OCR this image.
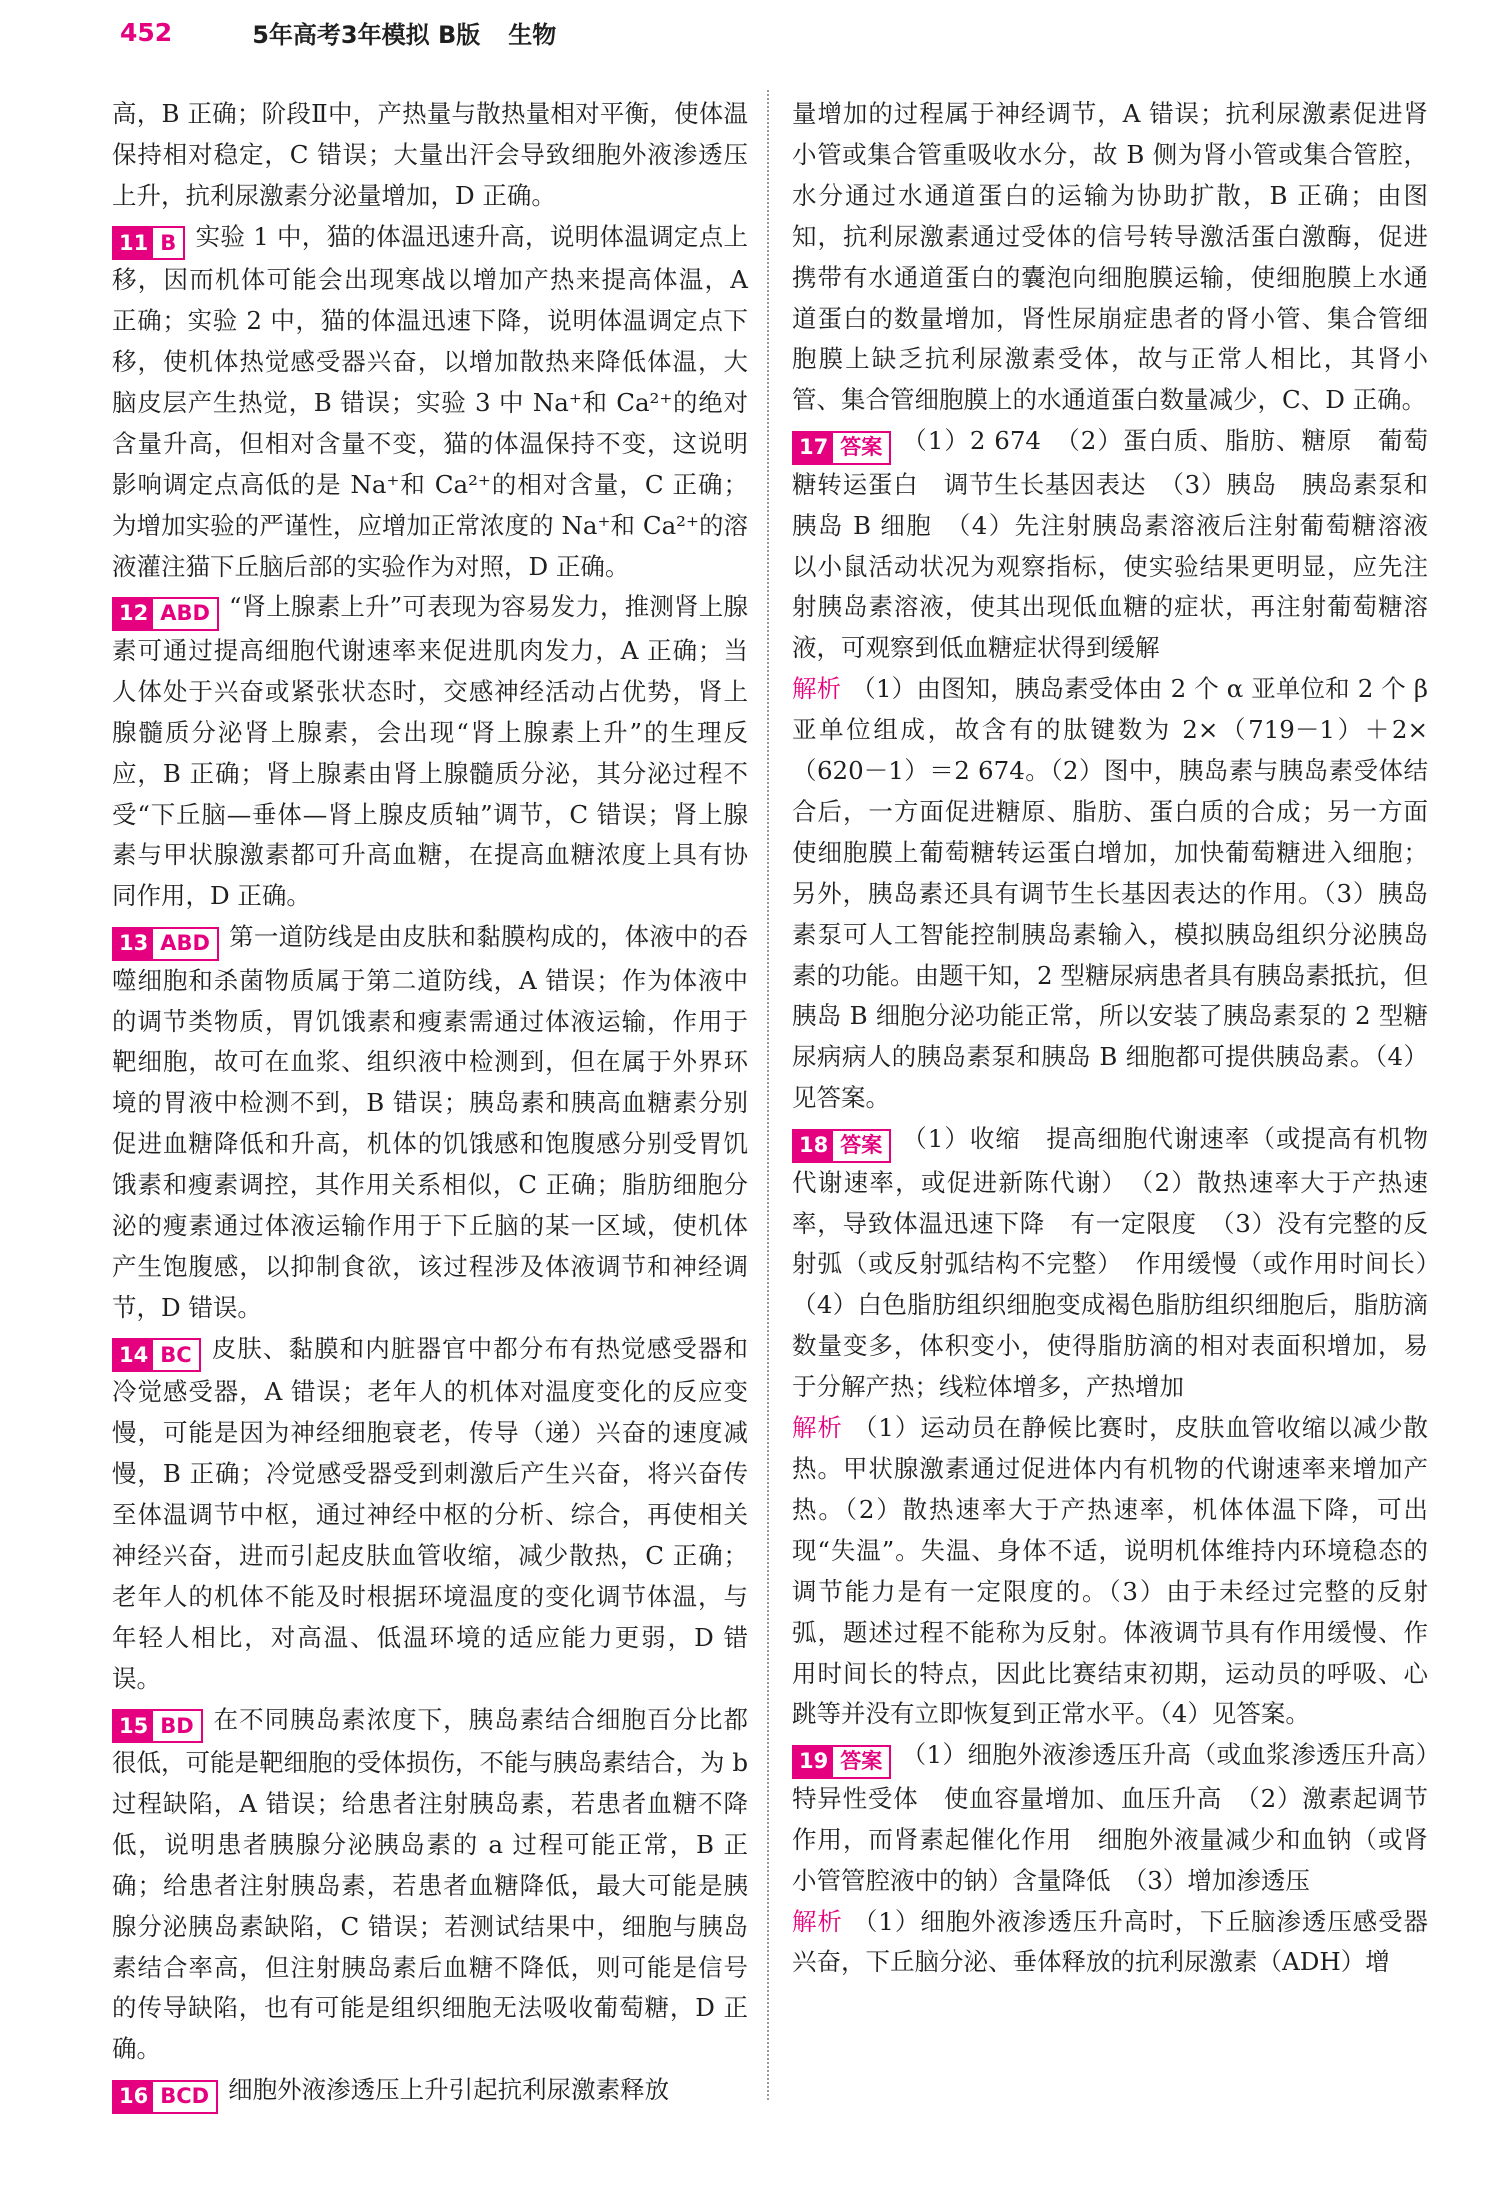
452	5年高考3年模拟 B版 生物

高，B 正确；阶段Ⅱ中，产热量与散热量相对平衡，使体温保持相对稳定，C 错误；大量出汗会导致细胞外液渗透压上升，抗利尿激素分泌量增加，D 正确。

11 B 实验 1 中，猫的体温迅速升高，说明体温调定点上移，因而机体可能会出现寒战以增加产热来提高体温，A 正确；实验 2 中，猫的体温迅速下降，说明体温调定点下移，使机体热觉感受器兴奋，以增加散热来降低体温，大脑皮层产生热觉，B 错误；实验 3 中 Na⁺和 Ca²⁺的绝对含量升高，但相对含量不变，猫的体温保持不变，这说明影响调定点高低的是 Na⁺和 Ca²⁺的相对含量，C 正确；为增加实验的严谨性，应增加正常浓度的 Na⁺和 Ca²⁺的溶液灌注猫下丘脑后部的实验作为对照，D 正确。

12 ABD “肾上腺素上升”可表现为容易发力，推测肾上腺素可通过提高细胞代谢速率来促进肌肉发力，A 正确；当人体处于兴奋或紧张状态时，交感神经活动占优势，肾上腺髓质分泌肾上腺素，会出现“肾上腺素上升”的生理反应，B 正确；肾上腺素由肾上腺髓质分泌，其分泌过程不受“下丘脑—垂体—肾上腺皮质轴”调节，C 错误；肾上腺素与甲状腺激素都可升高血糖，在提高血糖浓度上具有协同作用，D 正确。

13 ABD 第一道防线是由皮肤和黏膜构成的，体液中的吞噬细胞和杀菌物质属于第二道防线，A 错误；作为体液中的调节类物质，胃饥饿素和瘦素需通过体液运输，作用于靶细胞，故可在血浆、组织液中检测到，但在属于外界环境的胃液中检测不到，B 错误；胰岛素和胰高血糖素分别促进血糖降低和升高，机体的饥饿感和饱腹感分别受胃饥饿素和瘦素调控，其作用关系相似，C 正确；脂肪细胞分泌的瘦素通过体液运输作用于下丘脑的某一区域，使机体产生饱腹感，以抑制食欲，该过程涉及体液调节和神经调节，D 错误。

14 BC 皮肤、黏膜和内脏器官中都分布有热觉感受器和冷觉感受器，A 错误；老年人的机体对温度变化的反应变慢，可能是因为神经细胞衰老，传导（递）兴奋的速度减慢，B 正确；冷觉感受器受到刺激后产生兴奋，将兴奋传至体温调节中枢，通过神经中枢的分析、综合，再使相关神经兴奋，进而引起皮肤血管收缩，减少散热，C 正确；老年人的机体不能及时根据环境温度的变化调节体温，与年轻人相比，对高温、低温环境的适应能力更弱，D 错误。

15 BD 在不同胰岛素浓度下，胰岛素结合细胞百分比都很低，可能是靶细胞的受体损伤，不能与胰岛素结合，为 b 过程缺陷，A 错误；给患者注射胰岛素，若患者血糖不降低，说明患者胰腺分泌胰岛素的 a 过程可能正常，B 正确；给患者注射胰岛素，若患者血糖降低，最大可能是胰腺分泌胰岛素缺陷，C 错误；若测试结果中，细胞与胰岛素结合率高，但注射胰岛素后血糖不降低，则可能是信号的传导缺陷，也有可能是组织细胞无法吸收葡萄糖，D 正确。

16 BCD 细胞外液渗透压上升引起抗利尿激素释放

量增加的过程属于神经调节，A 错误；抗利尿激素促进肾小管或集合管重吸收水分，故 B 侧为肾小管或集合管腔，水分通过水通道蛋白的运输为协助扩散，B 正确；由图知，抗利尿激素通过受体的信号转导激活蛋白激酶，促进携带有水通道蛋白的囊泡向细胞膜运输，使细胞膜上水通道蛋白的数量增加，肾性尿崩症患者的肾小管、集合管细胞膜上缺乏抗利尿激素受体，故与正常人相比，其肾小管、集合管细胞膜上的水通道蛋白数量减少，C、D 正确。

17 答案 （1）2 674　（2）蛋白质、脂肪、糖原　葡萄糖转运蛋白　调节生长基因表达　（3）胰岛　胰岛素泵和胰岛 B 细胞　（4）先注射胰岛素溶液后注射葡萄糖溶液　以小鼠活动状况为观察指标，使实验结果更明显，应先注射胰岛素溶液，使其出现低血糖的症状，再注射葡萄糖溶液，可观察到低血糖症状得到缓解

解析 （1）由图知，胰岛素受体由 2 个 α 亚单位和 2 个 β 亚单位组成，故含有的肽键数为 2×（719－1）＋2×（620－1）＝2 674。（2）图中，胰岛素与胰岛素受体结合后，一方面促进糖原、脂肪、蛋白质的合成；另一方面使细胞膜上葡萄糖转运蛋白增加，加快葡萄糖进入细胞；另外，胰岛素还具有调节生长基因表达的作用。（3）胰岛素泵可人工智能控制胰岛素输入，模拟胰岛组织分泌胰岛素的功能。由题干知，2 型糖尿病患者具有胰岛素抵抗，但胰岛 B 细胞分泌功能正常，所以安装了胰岛素泵的 2 型糖尿病病人的胰岛素泵和胰岛 B 细胞都可提供胰岛素。（4）见答案。

18 答案 （1）收缩　提高细胞代谢速率（或提高有机物代谢速率，或促进新陈代谢）　（2）散热速率大于产热速率，导致体温迅速下降　有一定限度　（3）没有完整的反射弧（或反射弧结构不完整）　作用缓慢（或作用时间长）　（4）白色脂肪组织细胞变成褐色脂肪组织细胞后，脂肪滴数量变多，体积变小，使得脂肪滴的相对表面积增加，易于分解产热；线粒体增多，产热增加

解析 （1）运动员在静候比赛时，皮肤血管收缩以减少散热。甲状腺激素通过促进体内有机物的代谢速率来增加产热。（2）散热速率大于产热速率，机体体温下降，可出现“失温”。失温、身体不适，说明机体维持内环境稳态的调节能力是有一定限度的。（3）由于未经过完整的反射弧，题述过程不能称为反射。体液调节具有作用缓慢、作用时间长的特点，因此比赛结束初期，运动员的呼吸、心跳等并没有立即恢复到正常水平。（4）见答案。

19 答案 （1）细胞外液渗透压升高（或血浆渗透压升高）　特异性受体　使血容量增加、血压升高　（2）激素起调节作用，而肾素起催化作用　细胞外液量减少和血钠（或肾小管管腔液中的钠）含量降低　（3）增加渗透压

解析 （1）细胞外液渗透压升高时，下丘脑渗透压感受器兴奋，下丘脑分泌、垂体释放的抗利尿激素（ADH）增
